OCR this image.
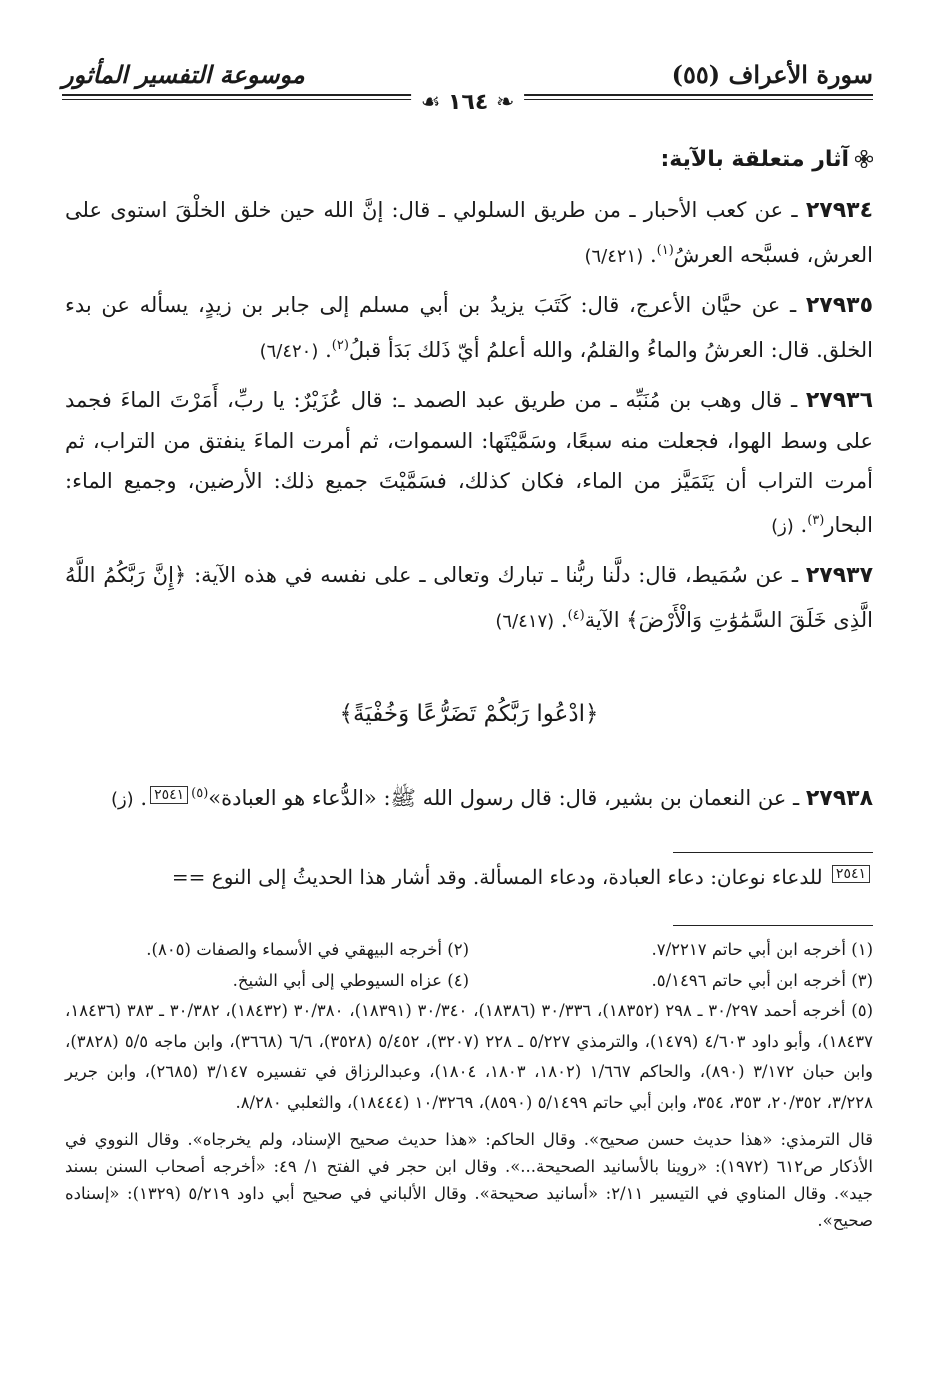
سورة الأعراف (٥٥)
موسوعة التفسير المأثور
❧ ١٦٤ ☙
آثار متعلقة بالآية:
٢٧٩٣٤ ـ عن كعب الأحبار ـ من طريق السلولي ـ قال: إنَّ الله حين خلق الخلْقَ استوى على العرش، فسبَّحه العرشُ$^{(١)}$. (٦/٤٢١)
٢٧٩٣٥ ـ عن حيَّان الأعرج، قال: كَتَبَ يزيدُ بن أبي مسلم إلى جابر بن زيدٍ، يسأله عن بدء الخلق. قال: العرشُ والماءُ والقلمُ، والله أعلمُ أيّ ذَلك بَدَأ قبلُ$^{(٢)}$. (٦/٤٢٠)
٢٧٩٣٦ ـ قال وهب بن مُنَبِّه ـ من طريق عبد الصمد ـ: قال عُزَيْرٌ: يا ربِّ، أَمَرْتَ الماءَ فجمد على وسط الهوا، فجعلت منه سبعًا، وسَمَّيْتَها: السموات، ثم أمرت الماءَ ينفتق من التراب، ثم أمرت التراب أن يَتَمَيَّز من الماء، فكان كذلك، فسَمَّيْتَ جميع ذلك: الأرضين، وجميع الماء: البحار$^{(٣)}$. (ز)
٢٧٩٣٧ ـ عن سُمَيط، قال: دلَّنا ربُّنا ـ تبارك وتعالى ـ على نفسه في هذه الآية: ﴿إِنَّ رَبَّكُمُ اللَّهُ الَّذِى خَلَقَ السَّمَٰوَٰتِ وَالْأَرْضَ﴾ الآية$^{(٤)}$. (٦/٤١٧)
﴿ادْعُوا رَبَّكُمْ تَضَرُّعًا وَخُفْيَةً﴾
٢٧٩٣٨ ـ عن النعمان بن بشير، قال: قال رسول الله ﷺ: «الدُّعاء هو العبادة»$^{(٥)}$٢٥٤١. (ز)
٢٥٤١ للدعاء نوعان: دعاء العبادة، ودعاء المسألة. وقد أشار هذا الحديثُ إلى النوع ==
(١) أخرجه ابن أبي حاتم ٧/٢٢١٧.
(٢) أخرجه البيهقي في الأسماء والصفات (٨٠٥).
(٣) أخرجه ابن أبي حاتم ٥/١٤٩٦.
(٤) عزاه السيوطي إلى أبي الشيخ.
(٥) أخرجه أحمد ٣٠/٢٩٧ ـ ٢٩٨ (١٨٣٥٢)، ٣٠/٣٣٦ (١٨٣٨٦)، ٣٠/٣٤٠ (١٨٣٩١)، ٣٠/٣٨٠ (١٨٤٣٢)، ٣٠/٣٨٢ ـ ٣٨٣ (١٨٤٣٦، ١٨٤٣٧)، وأبو داود ٤/٦٠٣ (١٤٧٩)، والترمذي ٥/٢٢٧ ـ ٢٢٨ (٣٢٠٧)، ٥/٤٥٢ (٣٥٢٨)، ٦/٦ (٣٦٦٨)، وابن ماجه ٥/٥ (٣٨٢٨)، وابن حبان ٣/١٧٢ (٨٩٠)، والحاكم ١/٦٦٧ (١٨٠٢، ١٨٠٣، ١٨٠٤)، وعبدالرزاق في تفسيره ٣/١٤٧ (٢٦٨٥)، وابن جرير ٣/٢٢٨، ٢٠/٣٥٢، ٣٥٣، ٣٥٤، وابن أبي حاتم ٥/١٤٩٩ (٨٥٩٠)، ١٠/٣٢٦٩ (١٨٤٤٤)، والثعلبي ٨/٢٨٠.
قال الترمذي: «هذا حديث حسن صحيح». وقال الحاكم: «هذا حديث صحيح الإسناد، ولم يخرجاه». وقال النووي في الأذكار ص٦١٢ (١٩٧٢): «روينا بالأسانيد الصحيحة...». وقال ابن حجر في الفتح ١/ ٤٩: «أخرجه أصحاب السنن بسند جيد». وقال المناوي في التيسير ٢/١١: «أسانيد صحيحة». وقال الألباني في صحيح أبي داود ٥/٢١٩ (١٣٢٩): «إسناده صحيح».
